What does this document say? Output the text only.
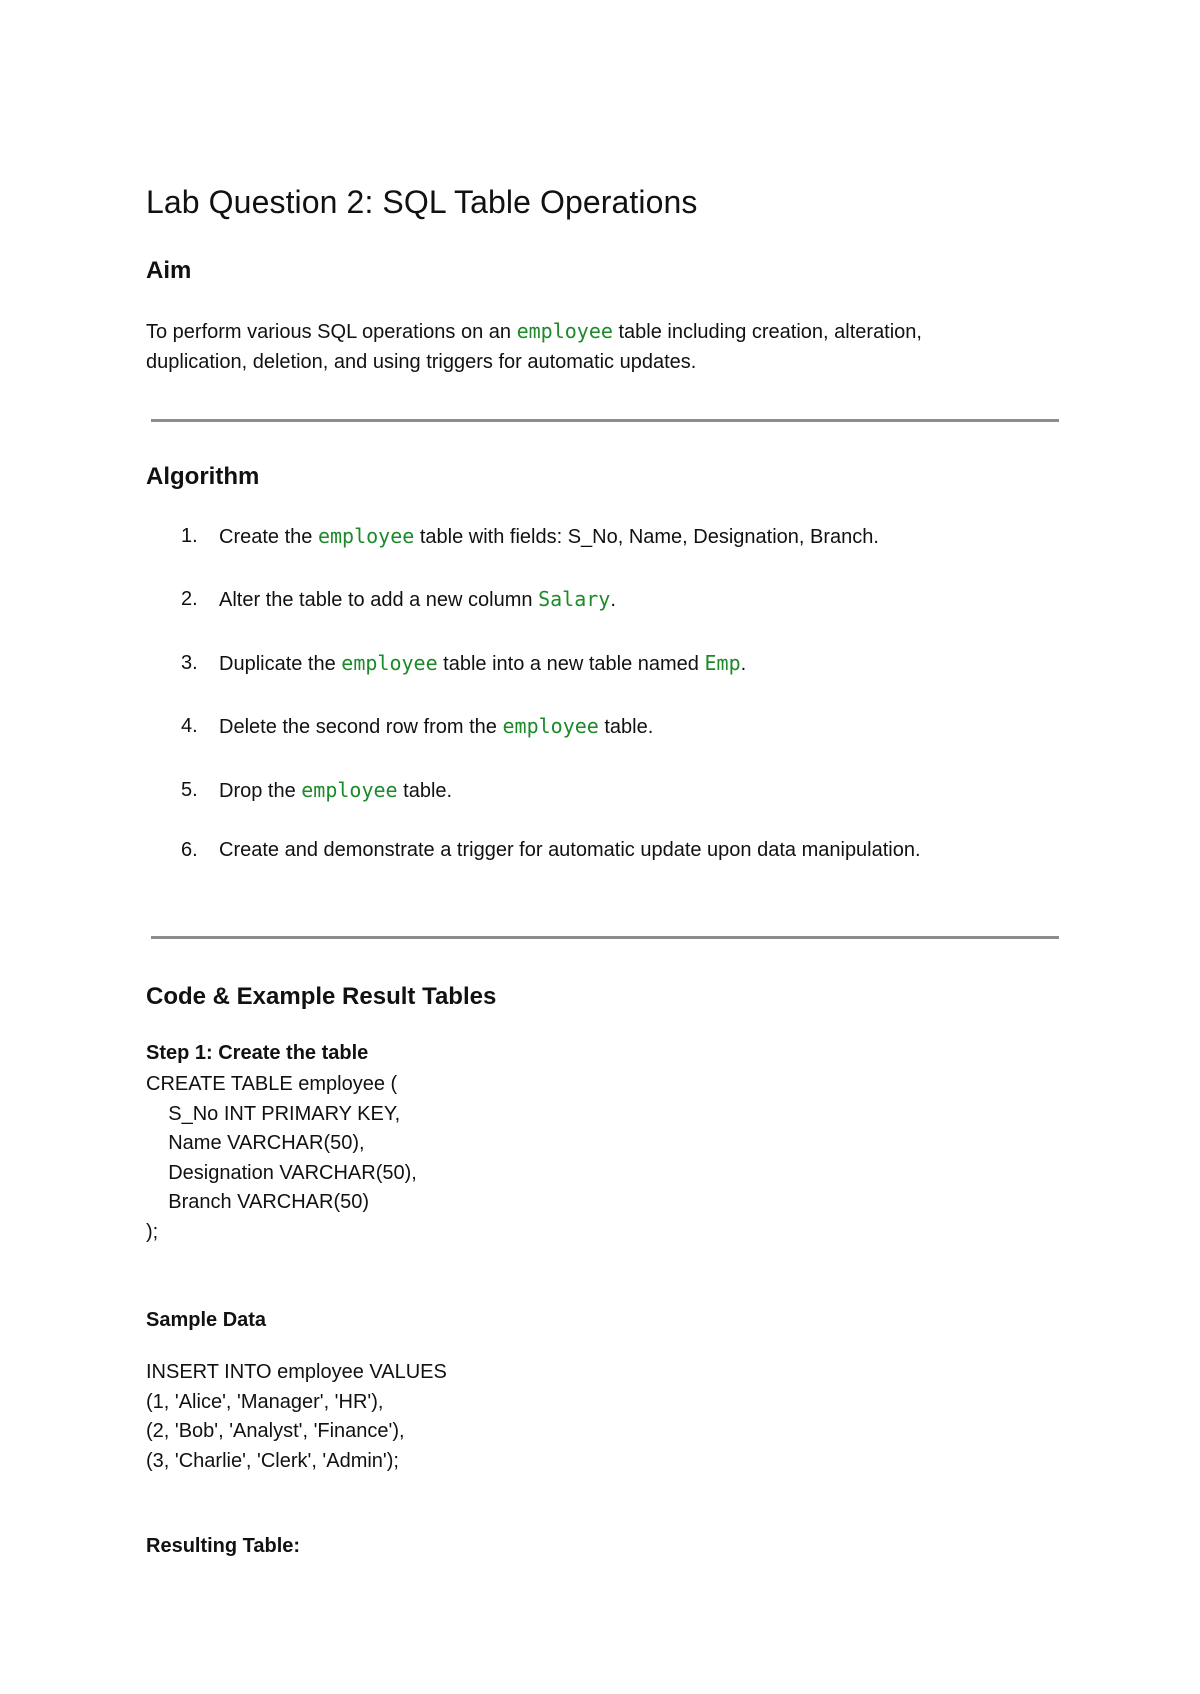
Lab Question 2: SQL Table Operations
Aim

To perform various SQL operations on an employee table including creation, alteration,
duplication, deletion, and using triggers for automatic updates.

Algorithm
1.	Create the employee table with fields: S_No, Name, Designation, Branch.
2.	Alter the table to add a new column Salary.
3.	Duplicate the employee table into a new table named Emp.
4.	Delete the second row from the employee table.
5.	Drop the employee table.
6.	Create and demonstrate a trigger for automatic update upon data manipulation.
Code & Example Result Tables
Step 1: Create the table
CREATE TABLE employee (
S_No INT PRIMARY KEY,
Name VARCHAR(50),
Designation VARCHAR(50),
Branch VARCHAR(50)
);
Sample Data
INSERT INTO employee VALUES
(1, 'Alice', 'Manager', 'HR'),
(2, 'Bob', 'Analyst', 'Finance'),
(3, 'Charlie', 'Clerk', 'Admin');
Resulting Table:
